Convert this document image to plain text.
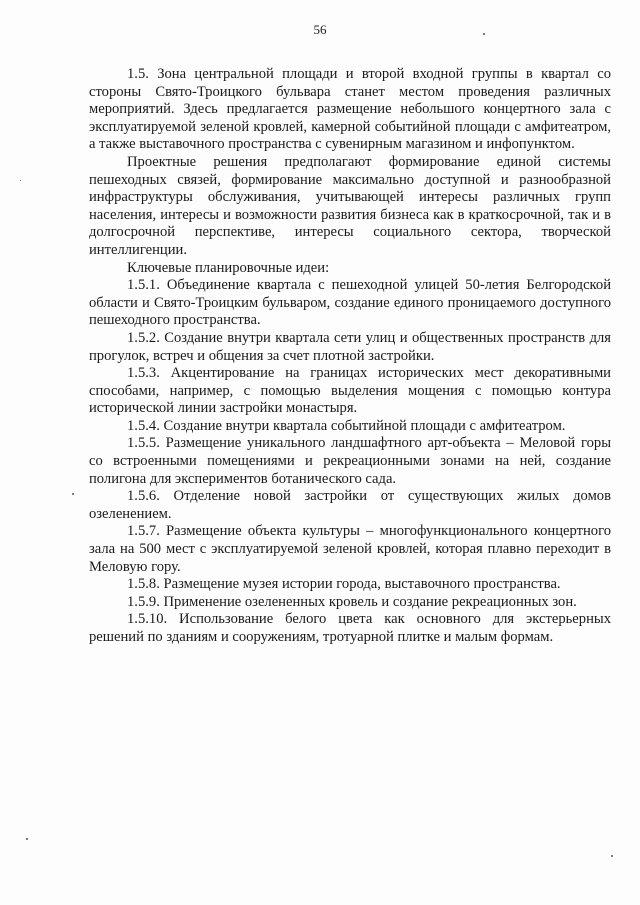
56

1.5. Зона центральной площади и второй входной группы в квартал со стороны Свято-Троицкого бульвара станет местом проведения различных мероприятий. Здесь предлагается размещение небольшого концертного зала с эксплуатируемой зеленой кровлей, камерной событийной площади с амфитеатром, а также выставочного пространства с сувенирным магазином и инфопунктом.

Проектные решения предполагают формирование единой системы пешеходных связей, формирование максимально доступной и разнообразной инфраструктуры обслуживания, учитывающей интересы различных групп населения, интересы и возможности развития бизнеса как в краткосрочной, так и в долгосрочной перспективе, интересы социального сектора, творческой интеллигенции.

Ключевые планировочные идеи:

1.5.1. Объединение квартала с пешеходной улицей 50-летия Белгородской области и Свято-Троицким бульваром, создание единого проницаемого доступного пешеходного пространства.

1.5.2. Создание внутри квартала сети улиц и общественных пространств для прогулок, встреч и общения за счет плотной застройки.

1.5.3. Акцентирование на границах исторических мест декоративными способами, например, с помощью выделения мощения с помощью контура исторической линии застройки монастыря.

1.5.4. Создание внутри квартала событийной площади с амфитеатром.

1.5.5. Размещение уникального ландшафтного арт-объекта – Меловой горы со встроенными помещениями и рекреационными зонами на ней, создание полигона для экспериментов ботанического сада.

1.5.6. Отделение новой застройки от существующих жилых домов озеленением.

1.5.7. Размещение объекта культуры – многофункционального концертного зала на 500 мест с эксплуатируемой зеленой кровлей, которая плавно переходит в Меловую гору.

1.5.8. Размещение музея истории города, выставочного пространства.

1.5.9. Применение озелененных кровель и создание рекреационных зон.

1.5.10. Использование белого цвета как основного для экстерьерных решений по зданиям и сооружениям, тротуарной плитке и малым формам.
